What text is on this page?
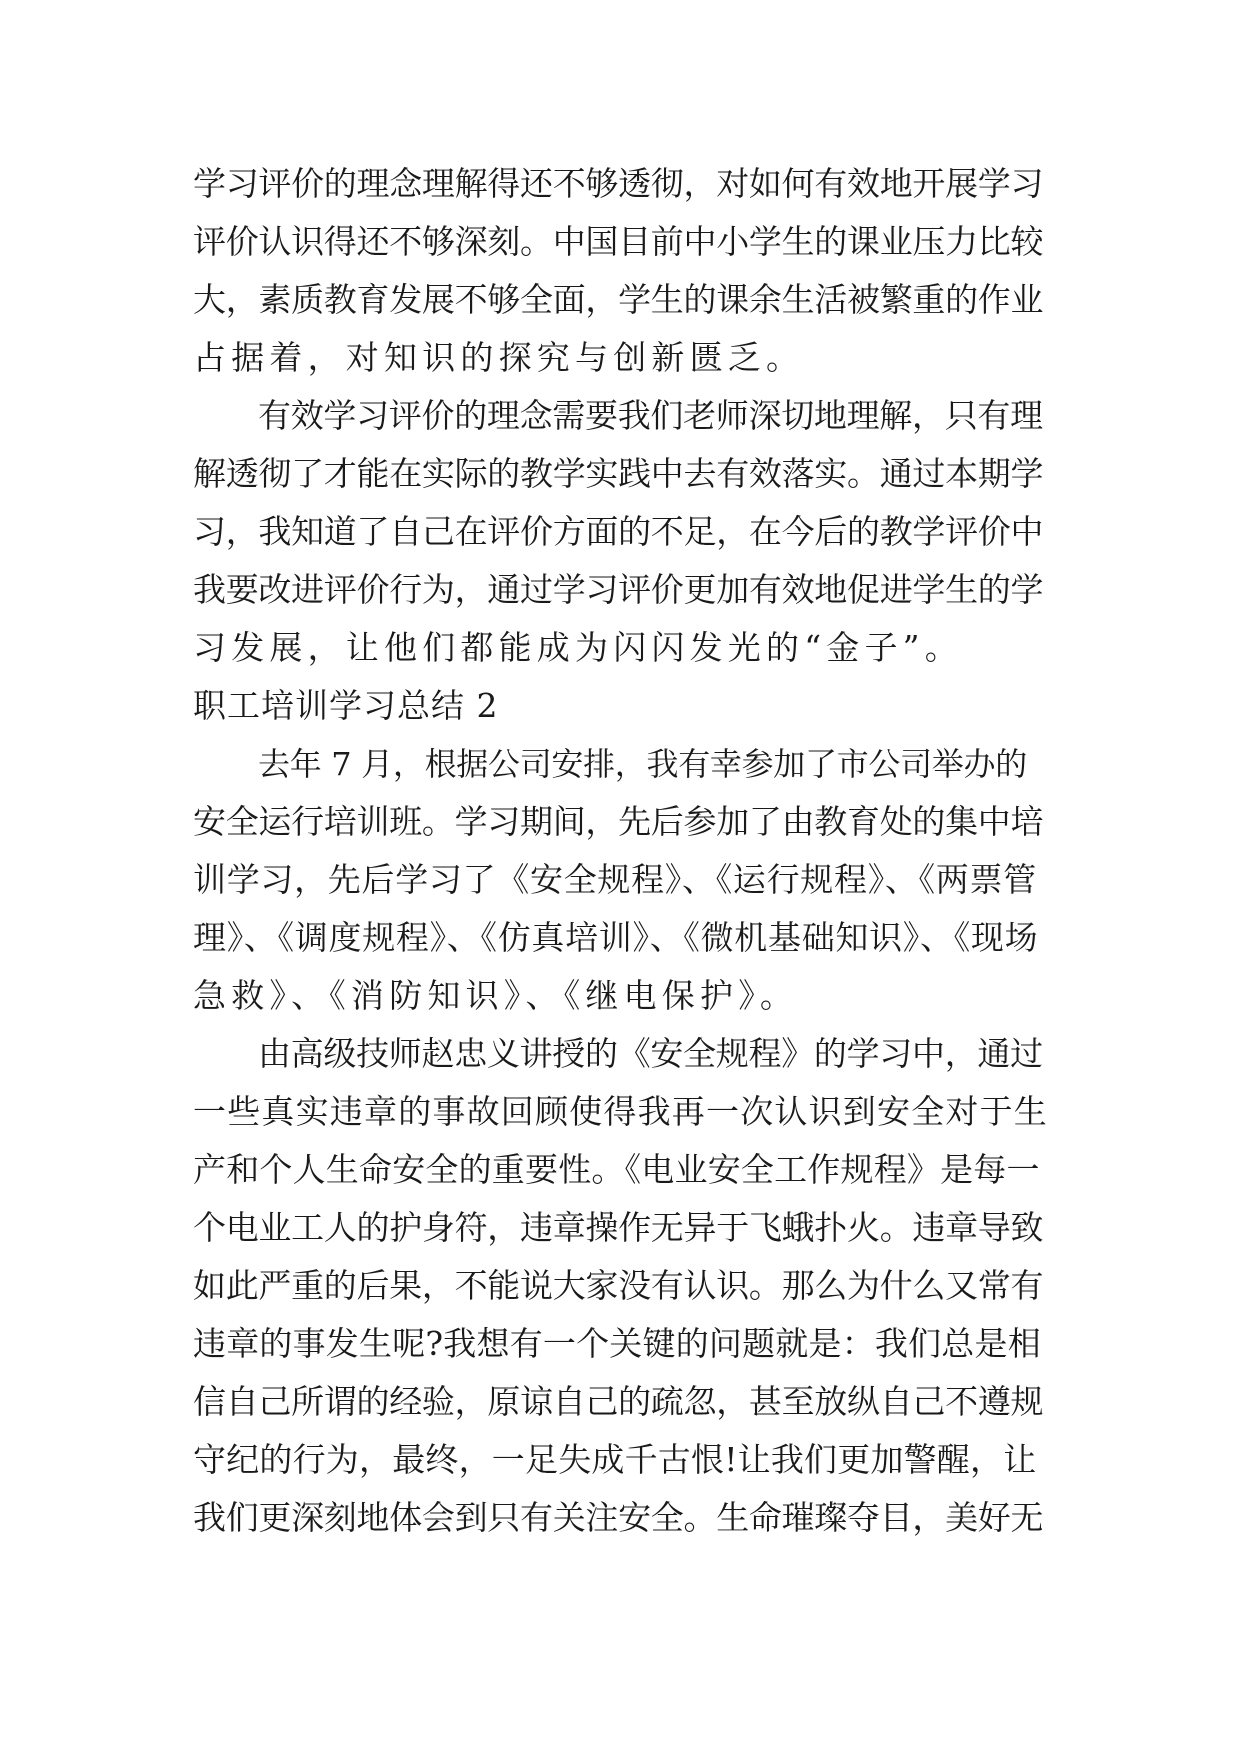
学习评价的理念理解得还不够透彻，对如何有效地开展学习
评价认识得还不够深刻。中国目前中小学生的课业压力比较
大，素质教育发展不够全面，学生的课余生活被繁重的作业
占据着，对知识的探究与创新匮乏。
有效学习评价的理念需要我们老师深切地理解，只有理
解透彻了才能在实际的教学实践中去有效落实。通过本期学
习，我知道了自己在评价方面的不足，在今后的教学评价中
我要改进评价行为，通过学习评价更加有效地促进学生的学
习发展，让他们都能成为闪闪发光的“金子”。
职工培训学习总结 2
去年 7 月，根据公司安排，我有幸参加了市公司举办的
安全运行培训班。学习期间，先后参加了由教育处的集中培
训学习，先后学习了《安全规程》、《运行规程》、《两票管
理》、《调度规程》、《仿真培训》、《微机基础知识》、《现场
急救》、《消防知识》、《继电保护》。
由高级技师赵忠义讲授的《安全规程》的学习中，通过
一些真实违章的事故回顾使得我再一次认识到安全对于生
产和个人生命安全的重要性。《电业安全工作规程》是每一
个电业工人的护身符，违章操作无异于飞蛾扑火。违章导致
如此严重的后果，不能说大家没有认识。那么为什么又常有
违章的事发生呢?我想有一个关键的问题就是：我们总是相
信自己所谓的经验，原谅自己的疏忽，甚至放纵自己不遵规
守纪的行为，最终，一足失成千古恨!让我们更加警醒，让
我们更深刻地体会到只有关注安全。生命璀璨夺目，美好无
